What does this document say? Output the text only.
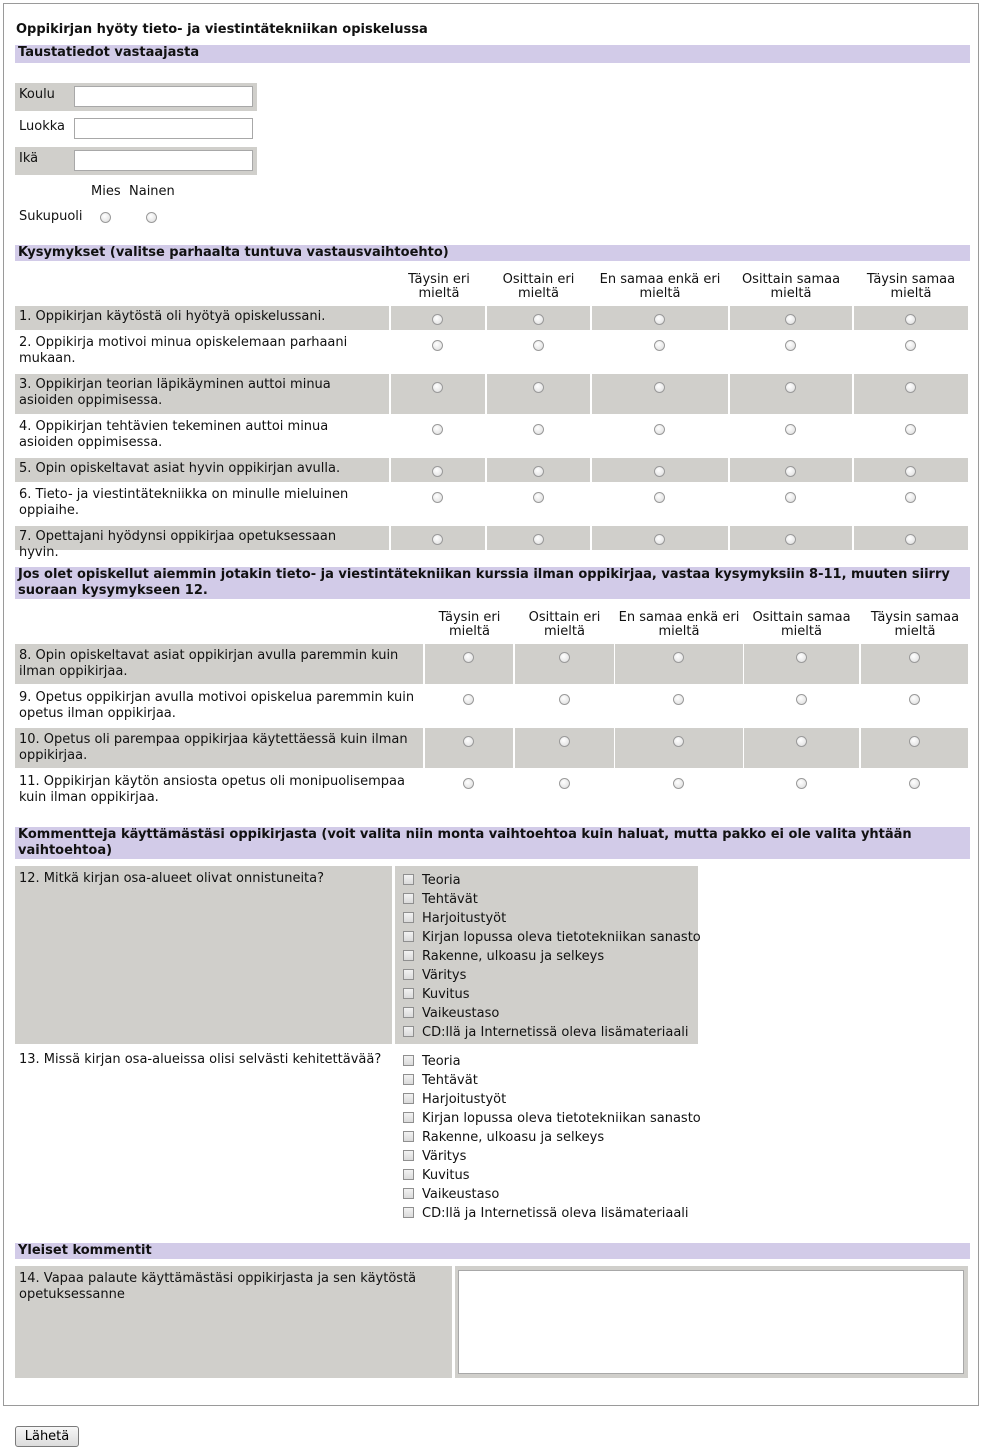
Oppikirjan hyöty tieto- ja viestintätekniikan opiskelussa
Taustatiedot vastaajasta
Koulu
Luokka
Ikä
Mies Nainen
Sukupuoli
Kysymykset (valitse parhaalta tuntuva vastausvaihtoehto)
Täysin eri mieltä
Osittain eri mieltä
En samaa enkä eri mieltä
Osittain samaa mieltä
Täysin samaa mieltä
1. Oppikirjan käytöstä oli hyötyä opiskelussani.
2. Oppikirja motivoi minua opiskelemaan parhaani mukaan.
3. Oppikirjan teorian läpikäyminen auttoi minua asioiden oppimisessa.
4. Oppikirjan tehtävien tekeminen auttoi minua asioiden oppimisessa.
5. Opin opiskeltavat asiat hyvin oppikirjan avulla.
6. Tieto- ja viestintätekniikka on minulle mieluinen oppiaihe.
7. Opettajani hyödynsi oppikirjaa opetuksessaan hyvin.
Jos olet opiskellut aiemmin jotakin tieto- ja viestintätekniikan kurssia ilman oppikirjaa, vastaa kysymyksiin 8-11, muuten siirry suoraan kysymykseen 12.
Täysin eri mieltä
Osittain eri mieltä
En samaa enkä eri mieltä
Osittain samaa mieltä
Täysin samaa mieltä
8. Opin opiskeltavat asiat oppikirjan avulla paremmin kuin ilman oppikirjaa.
9. Opetus oppikirjan avulla motivoi opiskelua paremmin kuin opetus ilman oppikirjaa.
10. Opetus oli parempaa oppikirjaa käytettäessä kuin ilman oppikirjaa.
11. Oppikirjan käytön ansiosta opetus oli monipuolisempaa kuin ilman oppikirjaa.
Kommentteja käyttämästäsi oppikirjasta (voit valita niin monta vaihtoehtoa kuin haluat, mutta pakko ei ole valita yhtään vaihtoehtoa)
12. Mitkä kirjan osa-alueet olivat onnistuneita?	Teoria
Tehtävät
Harjoitustyöt
Kirjan lopussa oleva tietotekniikan sanasto
Rakenne, ulkoasu ja selkeys
Väritys
Kuvitus
Vaikeustaso
CD:llä ja Internetissä oleva lisämateriaali
13. Missä kirjan osa-alueissa olisi selvästi kehitettävää?	Teoria
Tehtävät
Harjoitustyöt
Kirjan lopussa oleva tietotekniikan sanasto
Rakenne, ulkoasu ja selkeys
Väritys
Kuvitus
Vaikeustaso
CD:llä ja Internetissä oleva lisämateriaali
Yleiset kommentit
14. Vapaa palaute käyttämästäsi oppikirjasta ja sen käytöstä opetuksessanne
Lähetä
